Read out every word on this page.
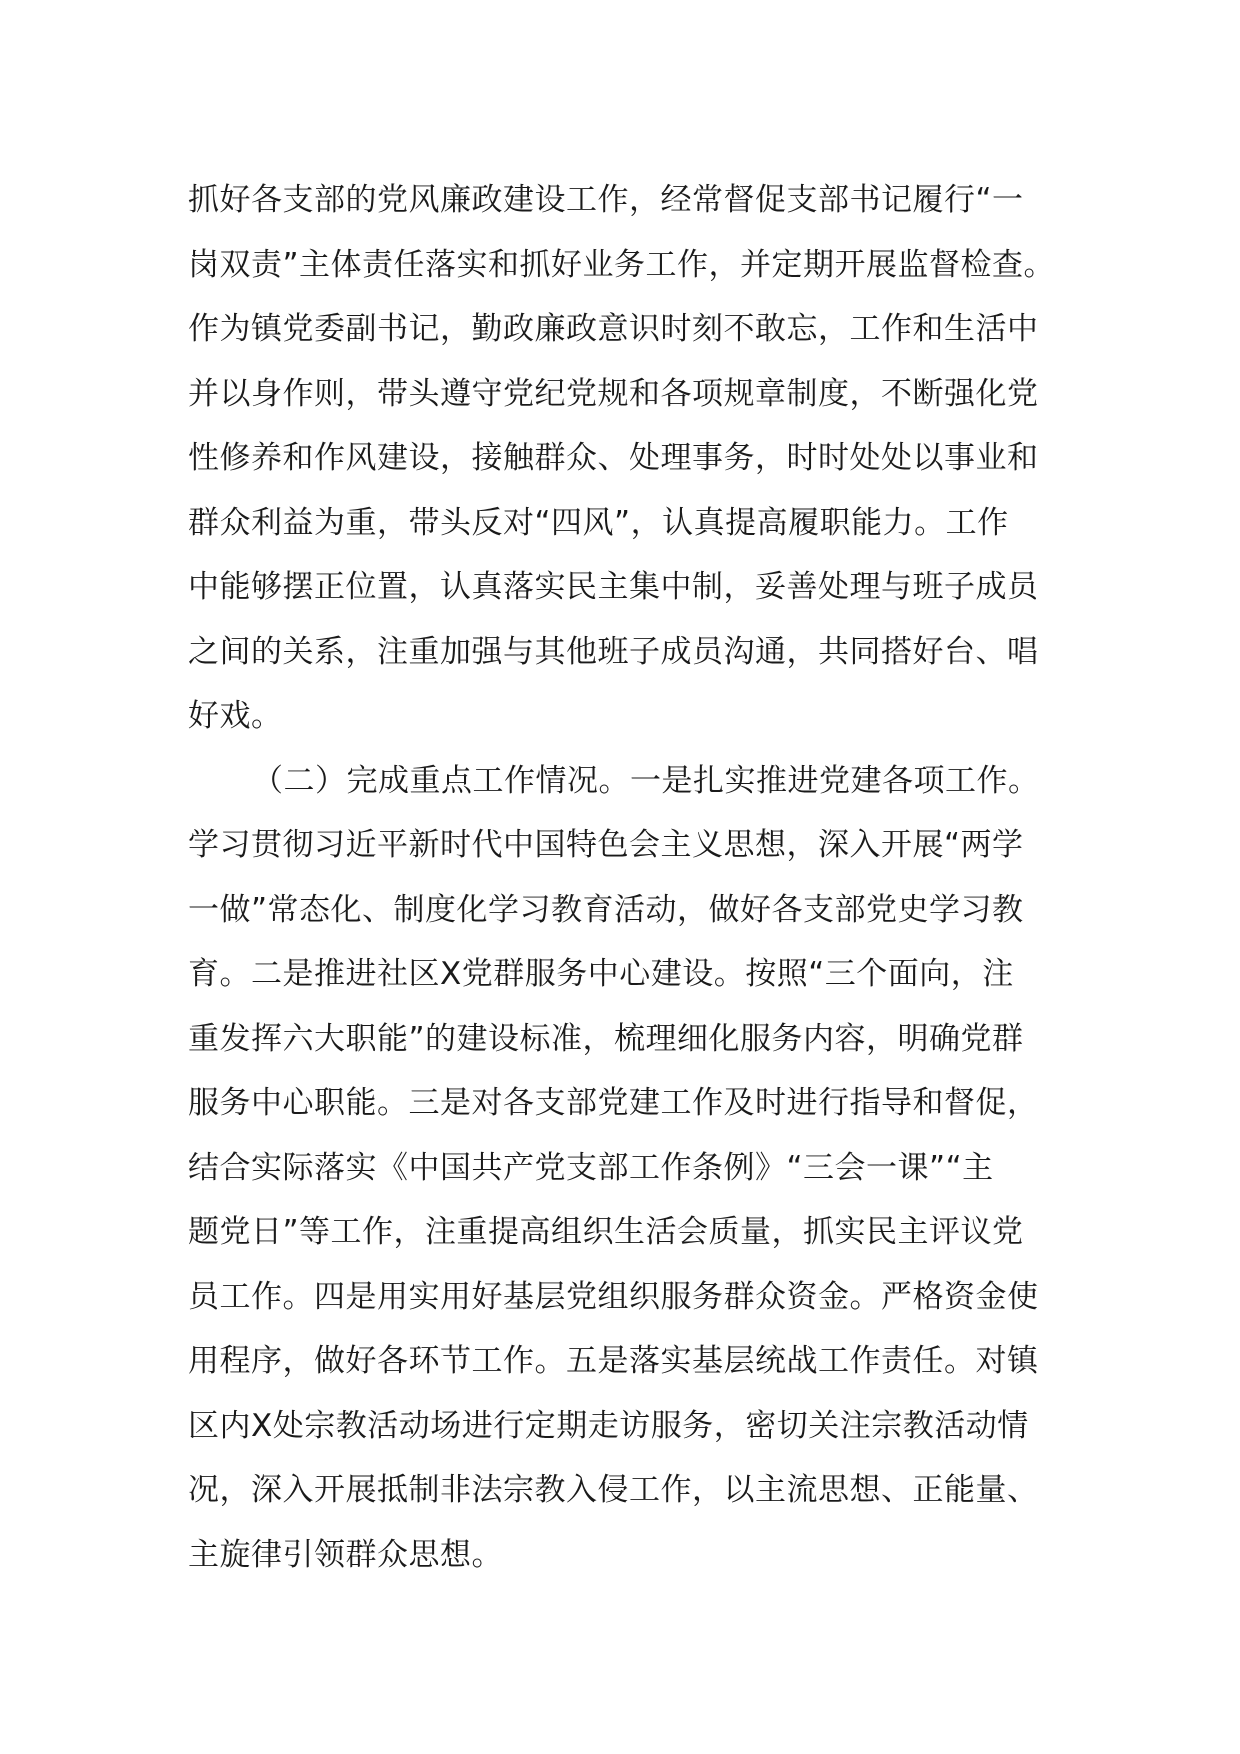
抓好各支部的党风廉政建设工作，经常督促支部书记履行“一
岗双责”主体责任落实和抓好业务工作，并定期开展监督检查。
作为镇党委副书记，勤政廉政意识时刻不敢忘，工作和生活中
并以身作则，带头遵守党纪党规和各项规章制度，不断强化党
性修养和作风建设，接触群众、处理事务，时时处处以事业和
群众利益为重，带头反对“四风”，认真提高履职能力。工作
中能够摆正位置，认真落实民主集中制，妥善处理与班子成员
之间的关系，注重加强与其他班子成员沟通，共同搭好台、唱
好戏。
（二）完成重点工作情况。一是扎实推进党建各项工作。
学习贯彻习近平新时代中国特色会主义思想，深入开展“两学
一做”常态化、制度化学习教育活动，做好各支部党史学习教
育。二是推进社区X党群服务中心建设。按照“三个面向，注
重发挥六大职能”的建设标准，梳理细化服务内容，明确党群
服务中心职能。三是对各支部党建工作及时进行指导和督促，
结合实际落实《中国共产党支部工作条例》“三会一课”“主
题党日”等工作，注重提高组织生活会质量，抓实民主评议党
员工作。四是用实用好基层党组织服务群众资金。严格资金使
用程序，做好各环节工作。五是落实基层统战工作责任。对镇
区内X处宗教活动场进行定期走访服务，密切关注宗教活动情
况，深入开展抵制非法宗教入侵工作，以主流思想、正能量、
主旋律引领群众思想。
